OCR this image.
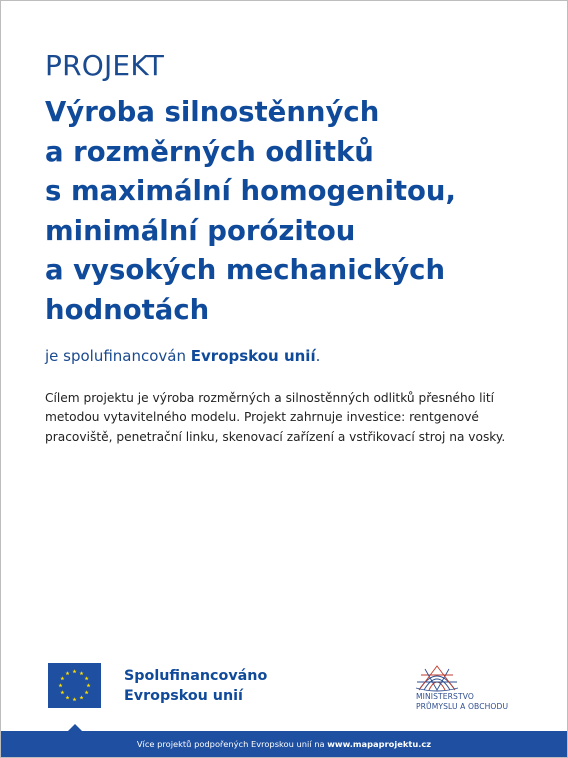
PROJEKT
Výroba silnostěnných
a rozměrných odlitků
s maximální homogenitou,
minimální porózitou
a vysokých mechanických
hodnotách
je spolufinancován Evropskou unií.

Cílem projektu je výroba rozměrných a silnostěnných odlitků přesného lití metodou vytavitelného modelu. Projekt zahrnuje investice: rentgenové pracoviště, penetrační linku, skenovací zařízení a vstřikovací stroj na vosky.

Spolufinancováno
Evropskou unií	MINISTERSTVO
PRŮMYSLU A OBCHODU
Více projektů podpořených Evropskou unií na www.mapaprojektu.cz
